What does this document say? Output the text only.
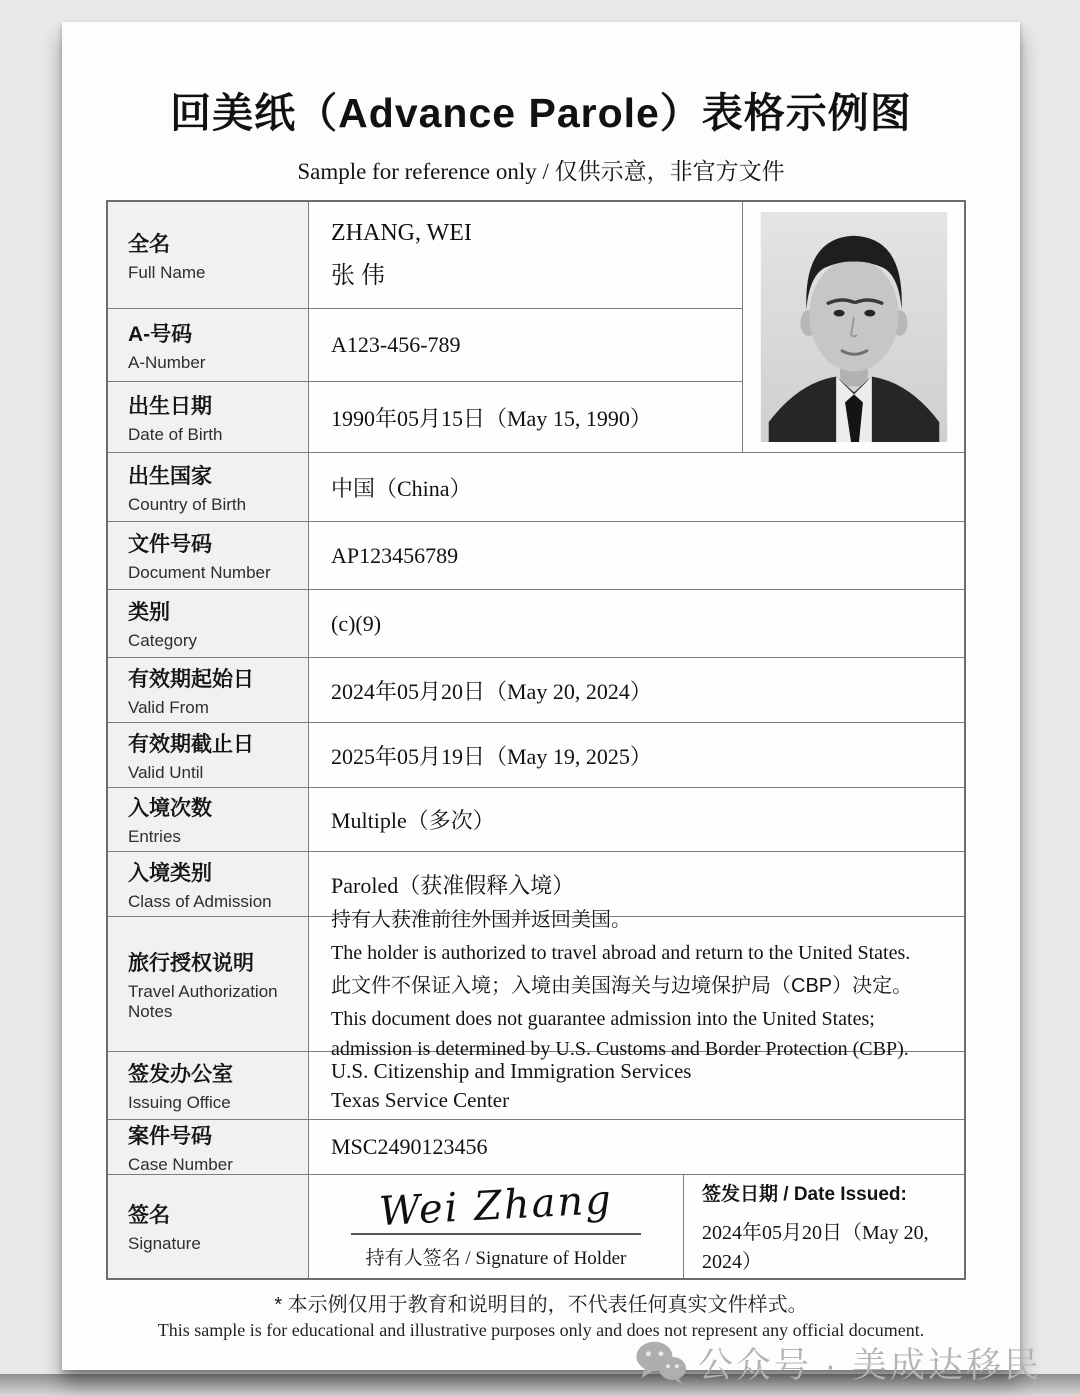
回美纸（Advance Parole）表格示例图
Sample for reference only / 仅供示意，非官方文件
全名
Full Name
ZHANG, WEI
张 伟
A-号码
A-Number
A123-456-789
出生日期
Date of Birth
1990年05月15日（May 15, 1990）
出生国家
Country of Birth
中国（China）
文件号码
Document Number
AP123456789
类别
Category
(c)(9)
有效期起始日
Valid From
2024年05月20日（May 20, 2024）
有效期截止日
Valid Until
2025年05月19日（May 19, 2025）
入境次数
Entries
Multiple（多次）
入境类别
Class of Admission
Paroled（获准假释入境）
旅行授权说明
Travel Authorization Notes
持有人获准前往外国并返回美国。
The holder is authorized to travel abroad and return to the United States.
此文件不保证入境；入境由美国海关与边境保护局（CBP）决定。
This document does not guarantee admission into the United States; admission is determined by U.S. Customs and Border Protection (CBP).
签发办公室
Issuing Office
U.S. Citizenship and Immigration Services
Texas Service Center
案件号码
Case Number
MSC2490123456
签名
Signature
Wei Zhang
持有人签名 / Signature of Holder
签发日期 / Date Issued:
2024年05月20日（May 20, 2024）
* 本示例仅用于教育和说明目的，不代表任何真实文件样式。
This sample is for educational and illustrative purposes only and does not represent any official document.
公众号 · 美成达移民
